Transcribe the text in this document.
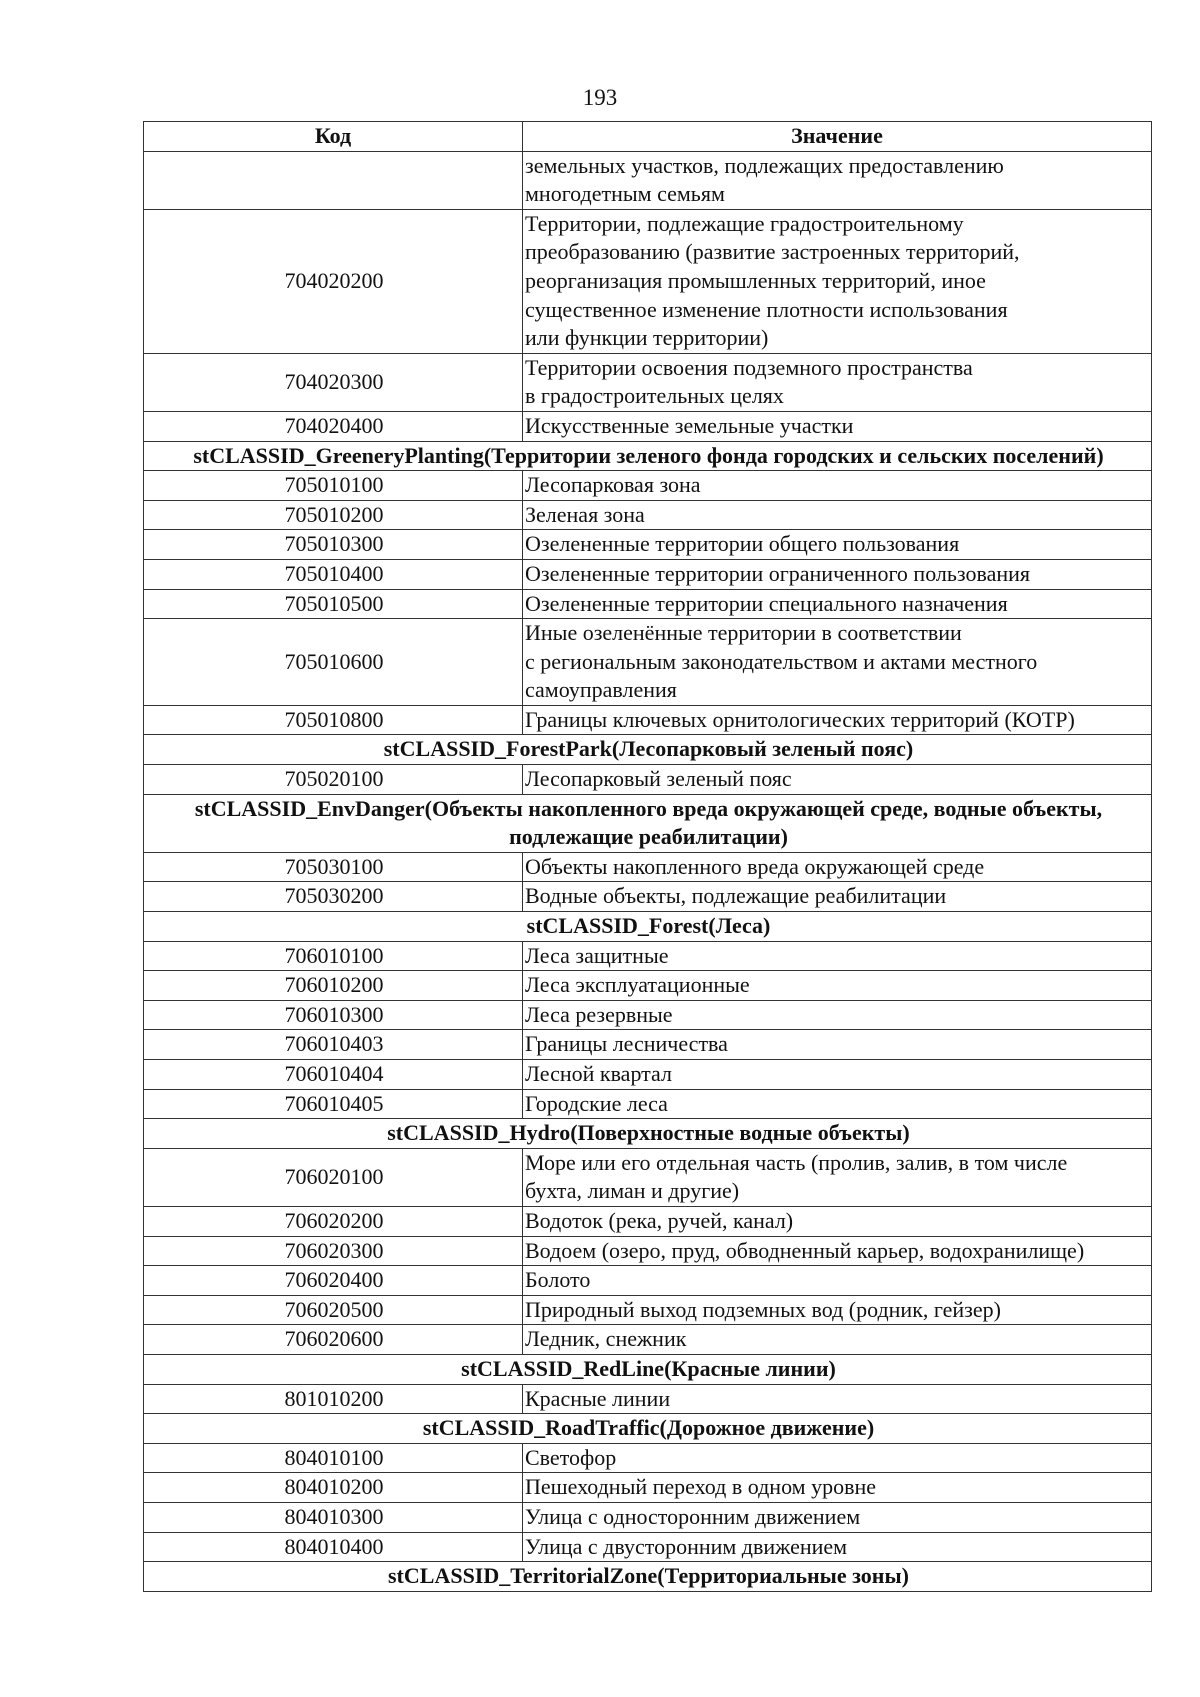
193
Код	Значение
	земельных участков, подлежащих предоставлению
многодетным семьям
704020200	Территории, подлежащие градостроительному
преобразованию (развитие застроенных территорий,
реорганизация промышленных территорий, иное
существенное изменение плотности использования
или функции территории)
704020300	Территории освоения подземного пространства
в градостроительных целях
704020400	Искусственные земельные участки
stCLASSID_GreeneryPlanting(Территории зеленого фонда городских и сельских поселений)	
705010100	Лесопарковая зона
705010200	Зеленая зона
705010300	Озелененные территории общего пользования
705010400	Озелененные территории ограниченного пользования
705010500	Озелененные территории специального назначения
705010600	Иные озеленённые территории в соответствии
с региональным законодательством и актами местного
самоуправления
705010800	Границы ключевых орнитологических территорий (КОТР)
stCLASSID_ForestPark(Лесопарковый зеленый пояс)	
705020100	Лесопарковый зеленый пояс
stCLASSID_EnvDanger(Объекты накопленного вреда окружающей среде, водные объекты, подлежащие реабилитации)	
705030100	Объекты накопленного вреда окружающей среде
705030200	Водные объекты, подлежащие реабилитации
stCLASSID_Forest(Леса)	
706010100	Леса защитные
706010200	Леса эксплуатационные
706010300	Леса резервные
706010403	Границы лесничества
706010404	Лесной квартал
706010405	Городские леса
stCLASSID_Hydro(Поверхностные водные объекты)	
706020100	Море или его отдельная часть (пролив, залив, в том числе
бухта, лиман и другие)
706020200	Водоток (река, ручей, канал)
706020300	Водоем (озеро, пруд, обводненный карьер, водохранилище)
706020400	Болото
706020500	Природный выход подземных вод (родник, гейзер)
706020600	Ледник, снежник
stCLASSID_RedLine(Красные линии)	
801010200	Красные линии
stCLASSID_RoadTraffic(Дорожное движение)	
804010100	Светофор
804010200	Пешеходный переход в одном уровне
804010300	Улица с односторонним движением
804010400	Улица с двусторонним движением
stCLASSID_TerritorialZone(Территориальные зоны)	
